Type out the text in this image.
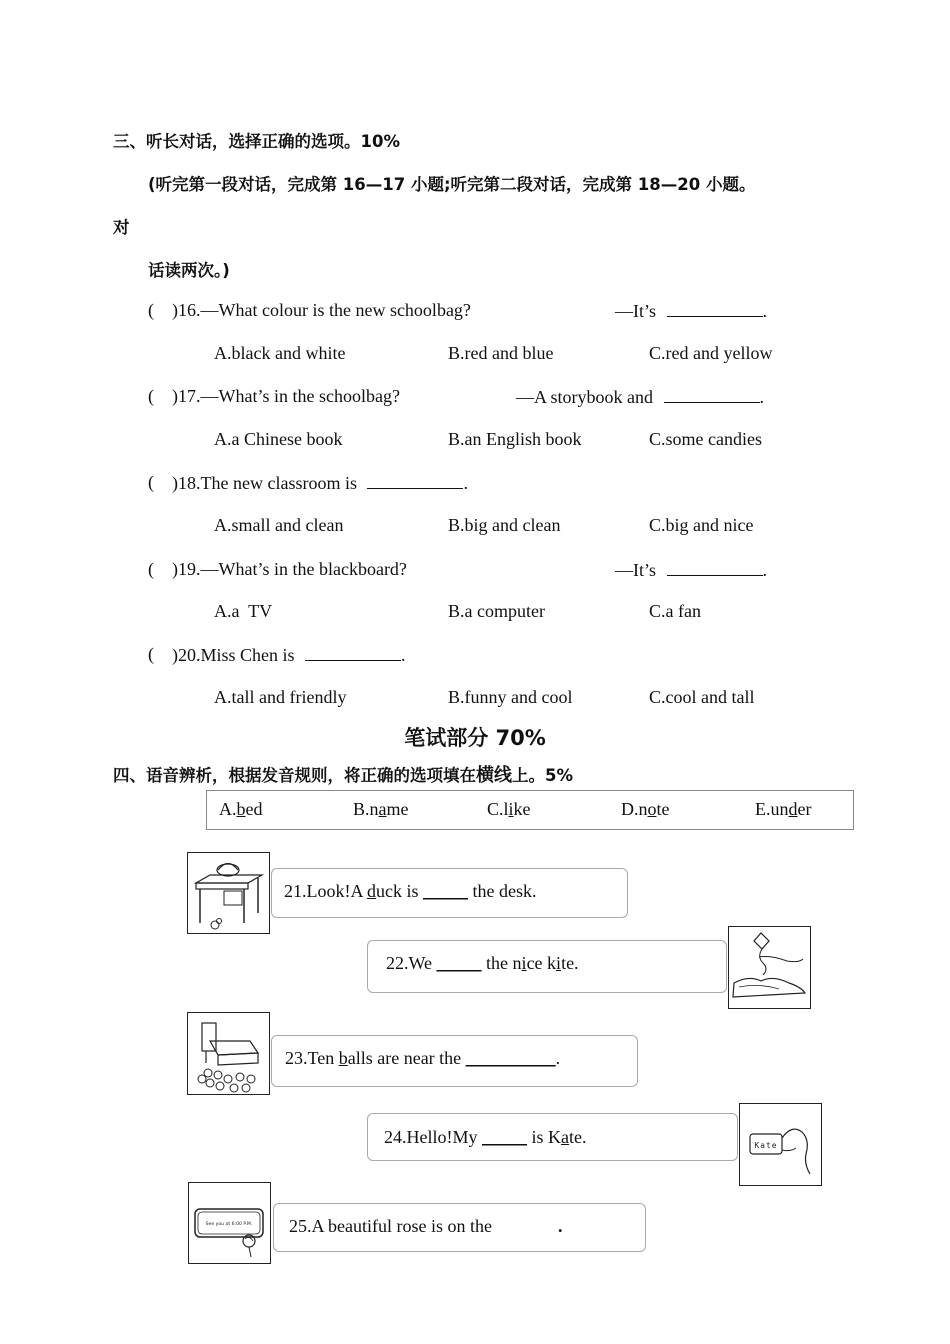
三、听长对话，选择正确的选项。10%
(听完第一段对话，完成第 16—17 小题;听完第二段对话，完成第 18—20 小题。
对
话读两次。)
( )16.—What colour is the new schoolbag?	—It’s	.
A.black and white	B.red and blue	C.red and yellow
( )17.—What’s in the schoolbag?	—A storybook and	.
A.a Chinese book	B.an English book	C.some candies
( )18.The new classroom is	.
A.small and clean	B.big and clean	C.big and nice
( )19.—What’s in the blackboard?	—It’s	.
A.a  TV	B.a computer	C.a fan
( )20.Miss Chen is	.
A.tall and friendly	B.funny and cool	C.cool and tall
笔试部分 70%
四、语音辨析，根据发音规则，将正确的选项填在横线上。5%
A.bed	B.name	C.like	D.note	E.under
21.Look!A duck is _____ the desk.
22.We _____ the nice kite.
23.Ten balls are near the __________.
24.Hello!My _____ is Kate.	Kate
See you at 6:00 P.M. 25.A beautiful rose is on the	.
